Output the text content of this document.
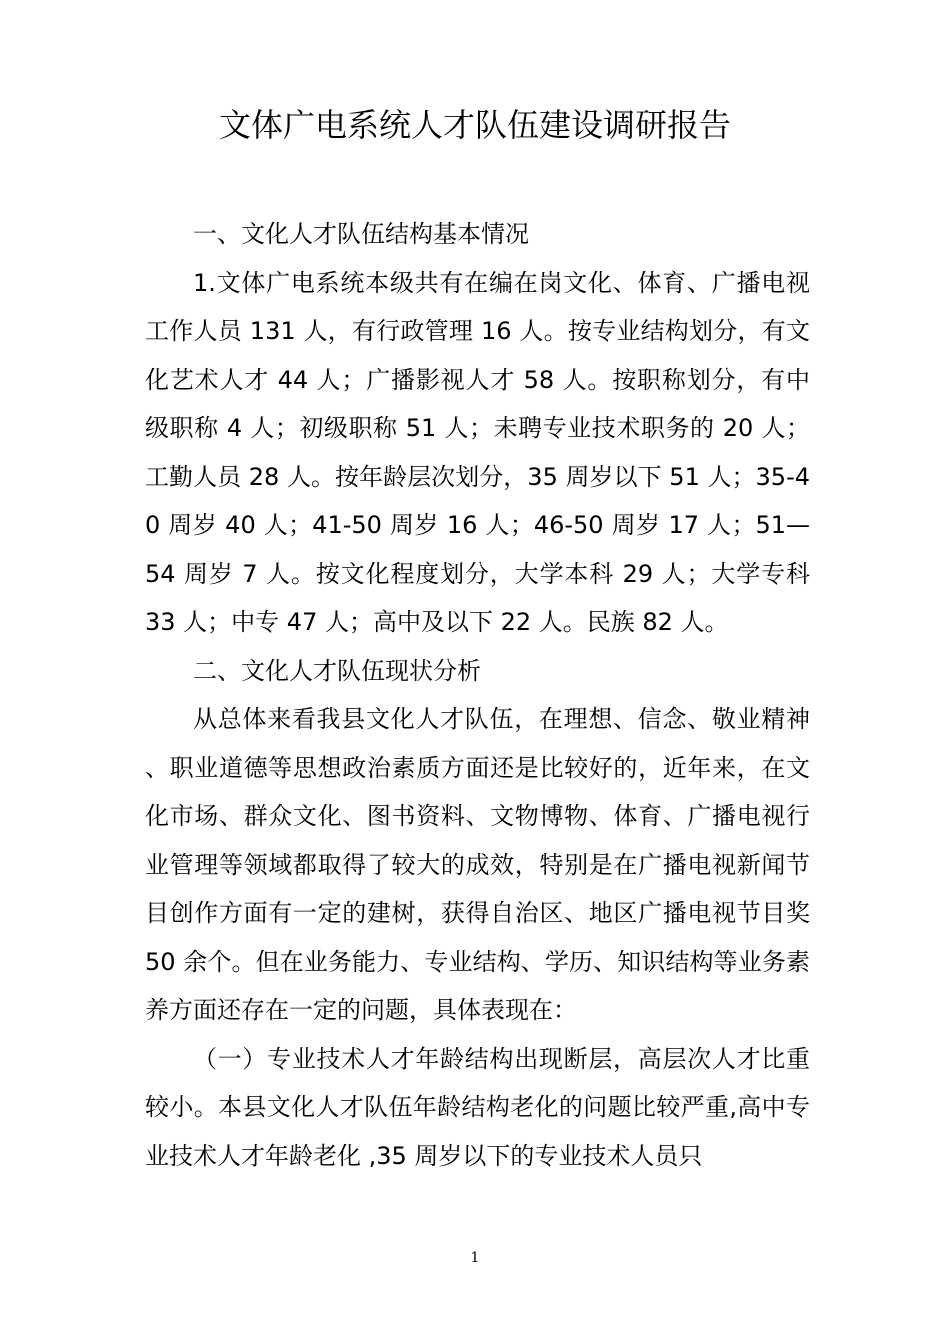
文体广电系统人才队伍建设调研报告

一、文化人才队伍结构基本情况

1.文体广电系统本级共有在编在岗文化、体育、广播电视工作人员 131 人，有行政管理 16 人。按专业结构划分，有文化艺术人才 44 人；广播影视人才 58 人。按职称划分，有中级职称 4 人；初级职称 51 人；未聘专业技术职务的 20 人；工勤人员 28 人。按年龄层次划分，35 周岁以下 51 人；35-40 周岁 40 人；41-50 周岁 16 人；46-50 周岁 17 人；51—54 周岁 7 人。按文化程度划分，大学本科 29 人；大学专科 33 人；中专 47 人；高中及以下 22 人。民族 82 人。

二、文化人才队伍现状分析

从总体来看我县文化人才队伍，在理想、信念、敬业精神、职业道德等思想政治素质方面还是比较好的，近年来，在文化市场、群众文化、图书资料、文物博物、体育、广播电视行业管理等领域都取得了较大的成效，特别是在广播电视新闻节目创作方面有一定的建树，获得自治区、地区广播电视节目奖 50 余个。但在业务能力、专业结构、学历、知识结构等业务素养方面还存在一定的问题，具体表现在：

（一）专业技术人才年龄结构出现断层，高层次人才比重较小。本县文化人才队伍年龄结构老化的问题比较严重,高中专业技术人才年龄老化 ,35 周岁以下的专业技术人员只

1
